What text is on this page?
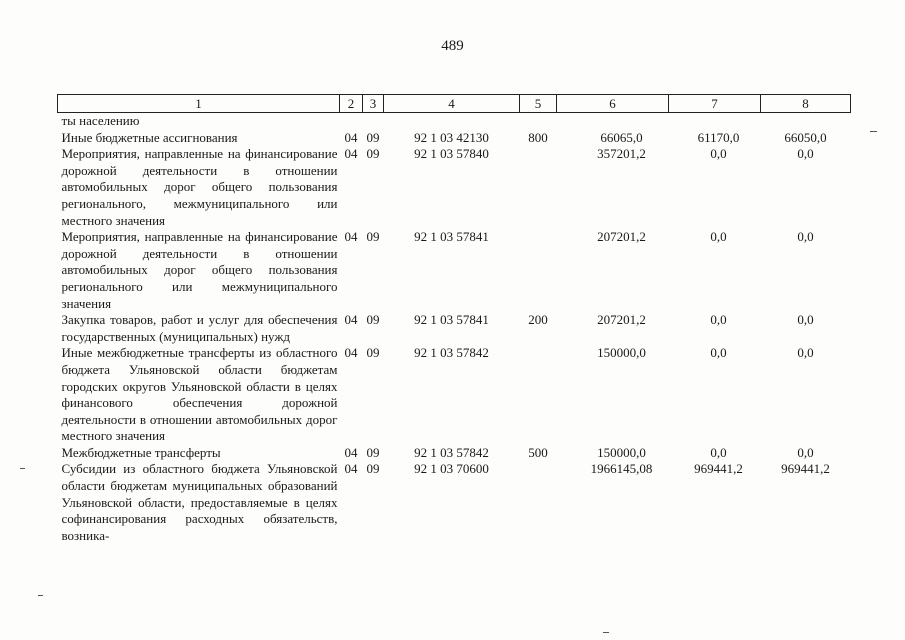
489
1	2	3	4	5	6	7	8
ты населению							
Иные бюджетные ассигнования	04	09	92 1 03 42130	800	66065,0	61170,0	66050,0
Мероприятия, направленные на финансирование дорожной деятельности в отношении автомобильных дорог общего пользования регионального, межмуниципального или местного значения	04	09	92 1 03 57840		357201,2	0,0	0,0
Мероприятия, направленные на финансирование дорожной деятельности в отношении автомобильных дорог общего пользования регионального или межмуниципального значения	04	09	92 1 03 57841		207201,2	0,0	0,0
Закупка товаров, работ и услуг для обеспечения государственных (муниципальных) нужд	04	09	92 1 03 57841	200	207201,2	0,0	0,0
Иные межбюджетные трансферты из областного бюджета Ульяновской области бюджетам городских округов Ульяновской области в целях финансового обеспечения дорожной деятельности в отношении автомобильных дорог местного значения	04	09	92 1 03 57842		150000,0	0,0	0,0
Межбюджетные трансферты	04	09	92 1 03 57842	500	150000,0	0,0	0,0
Субсидии из областного бюджета Ульяновской области бюджетам муниципальных образований Ульяновской области, предоставляемые в целях софинансирования расходных обязательств, возника-	04	09	92 1 03 70600		1966145,08	969441,2	969441,2
